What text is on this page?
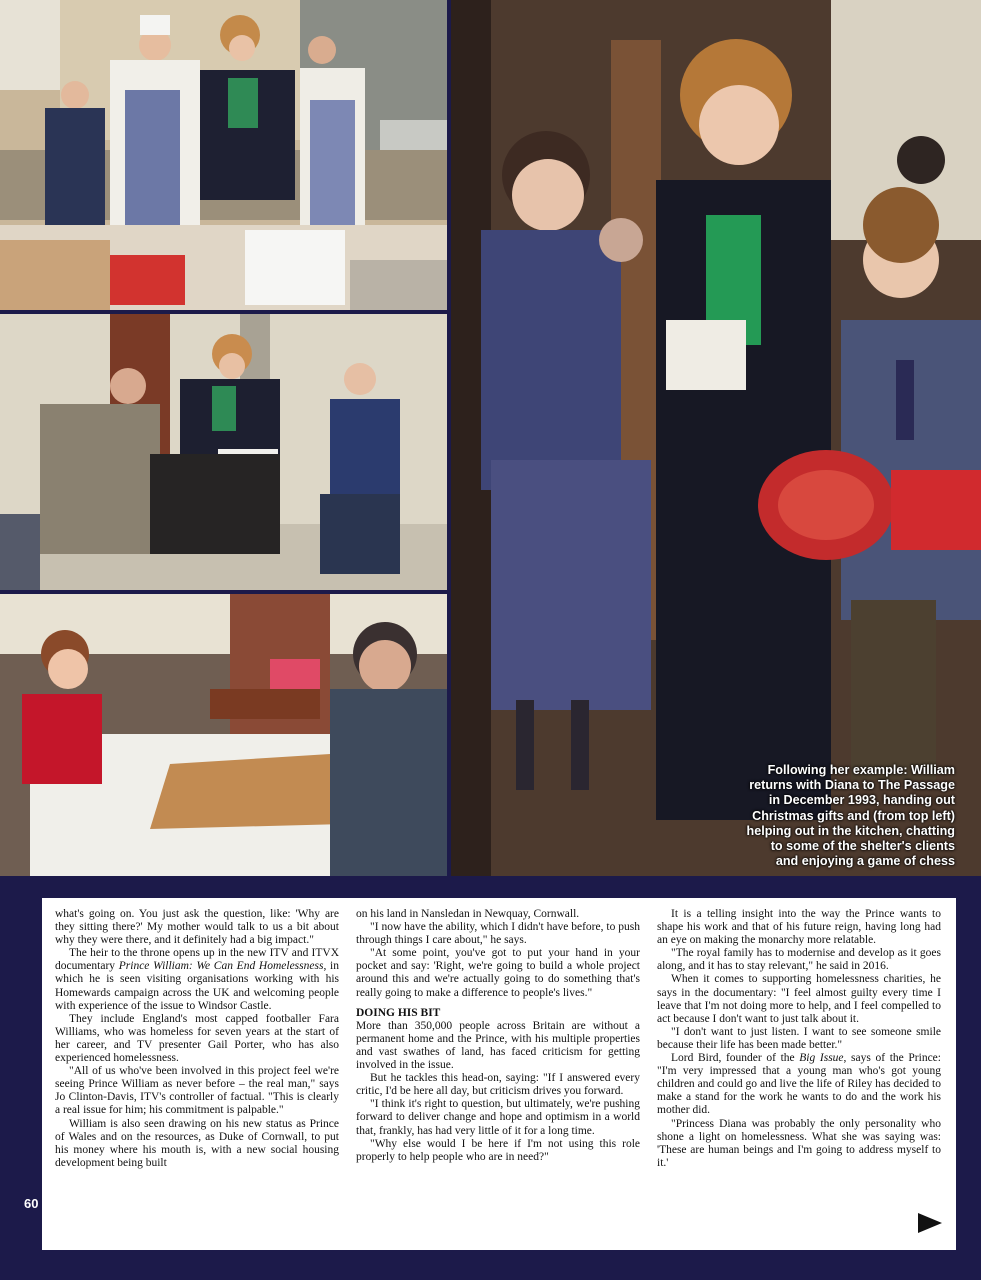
Following her example: William
returns with Diana to The Passage
in December 1993, handing out
Christmas gifts and (from top left)
helping out in the kitchen, chatting
to some of the shelter's clients
and enjoying a game of chess

what's going on. You just ask the question, like: 'Why are they sitting there?' My mother would talk to us a bit about why they were there, and it definitely had a big impact."

The heir to the throne opens up in the new ITV and ITVX documentary Prince William: We Can End Homelessness, in which he is seen visiting organisations working with his Homewards campaign across the UK and welcoming people with experience of the issue to Windsor Castle.

They include England's most capped footballer Fara Williams, who was homeless for seven years at the start of her career, and TV presenter Gail Porter, who has also experienced homelessness.

"All of us who've been involved in this project feel we're seeing Prince William as never before – the real man," says Jo Clinton-Davis, ITV's controller of factual. "This is clearly a real issue for him; his commitment is palpable."

William is also seen drawing on his new status as Prince of Wales and on the resources, as Duke of Cornwall, to put his money where his mouth is, with a new social housing development being built

on his land in Nansledan in Newquay, Cornwall.

"I now have the ability, which I didn't have before, to push through things I care about," he says.

"At some point, you've got to put your hand in your pocket and say: 'Right, we're going to build a whole project around this and we're actually going to do something that's really going to make a difference to people's lives."

DOING HIS BIT

More than 350,000 people across Britain are without a permanent home and the Prince, with his multiple properties and vast swathes of land, has faced criticism for getting involved in the issue.

But he tackles this head-on, saying: "If I answered every critic, I'd be here all day, but criticism drives you forward.

"I think it's right to question, but ultimately, we're pushing forward to deliver change and hope and optimism in a world that, frankly, has had very little of it for a long time.

"Why else would I be here if I'm not using this role properly to help people who are in need?"

It is a telling insight into the way the Prince wants to shape his work and that of his future reign, having long had an eye on making the monarchy more relatable.

"The royal family has to modernise and develop as it goes along, and it has to stay relevant," he said in 2016.

When it comes to supporting homelessness charities, he says in the documentary: "I feel almost guilty every time I leave that I'm not doing more to help, and I feel compelled to act because I don't want to just talk about it.

"I don't want to just listen. I want to see someone smile because their life has been made better."

Lord Bird, founder of the Big Issue, says of the Prince: "I'm very impressed that a young man who's got young children and could go and live the life of Riley has decided to make a stand for the work he wants to do and the work his mother did.

"Princess Diana was probably the only personality who shone a light on homelessness. What she was saying was: 'These are human beings and I'm going to address myself to it.'

60
